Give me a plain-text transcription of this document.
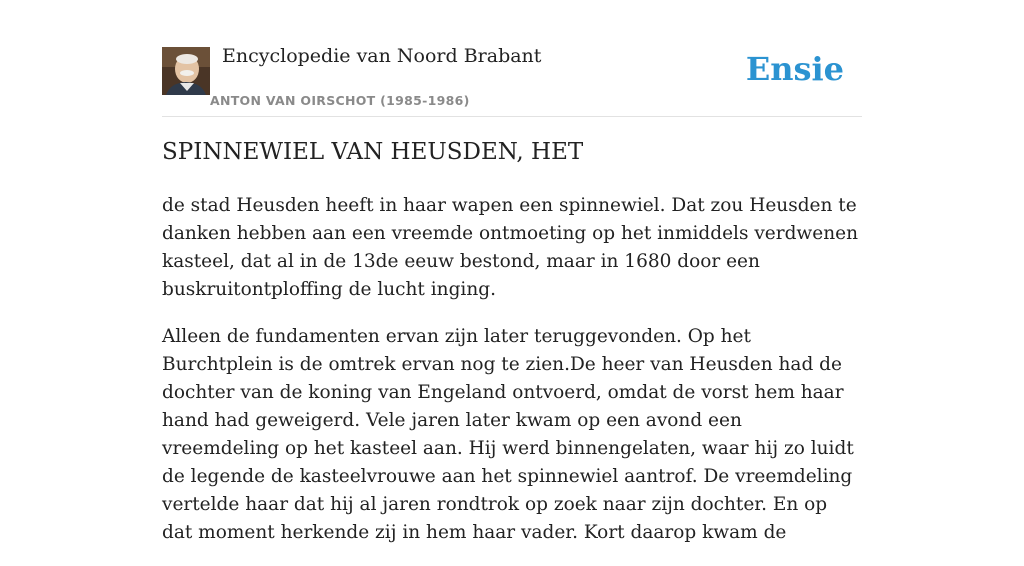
Encyclopedie van Noord Brabant
ANTON VAN OIRSCHOT (1985-1986)
Ensie
SPINNEWIEL VAN HEUSDEN, HET

de stad Heusden heeft in haar wapen een spinnewiel. Dat zou Heusden te danken hebben aan een vreemde ontmoeting op het inmiddels verdwenen kasteel, dat al in de 13de eeuw bestond, maar in 1680 door een buskruitontploffing de lucht inging.

Alleen de fundamenten ervan zijn later teruggevonden. Op het Burchtplein is de omtrek ervan nog te zien.De heer van Heusden had de dochter van de koning van Engeland ontvoerd, omdat de vorst hem haar hand had geweigerd. Vele jaren later kwam op een avond een vreemdeling op het kasteel aan. Hij werd binnengelaten, waar hij zo luidt de legende de kasteelvrouwe aan het spinnewiel aantrof. De vreemdeling vertelde haar dat hij al jaren rondtrok op zoek naar zijn dochter. En op dat moment herkende zij in hem haar vader. Kort daarop kwam de
